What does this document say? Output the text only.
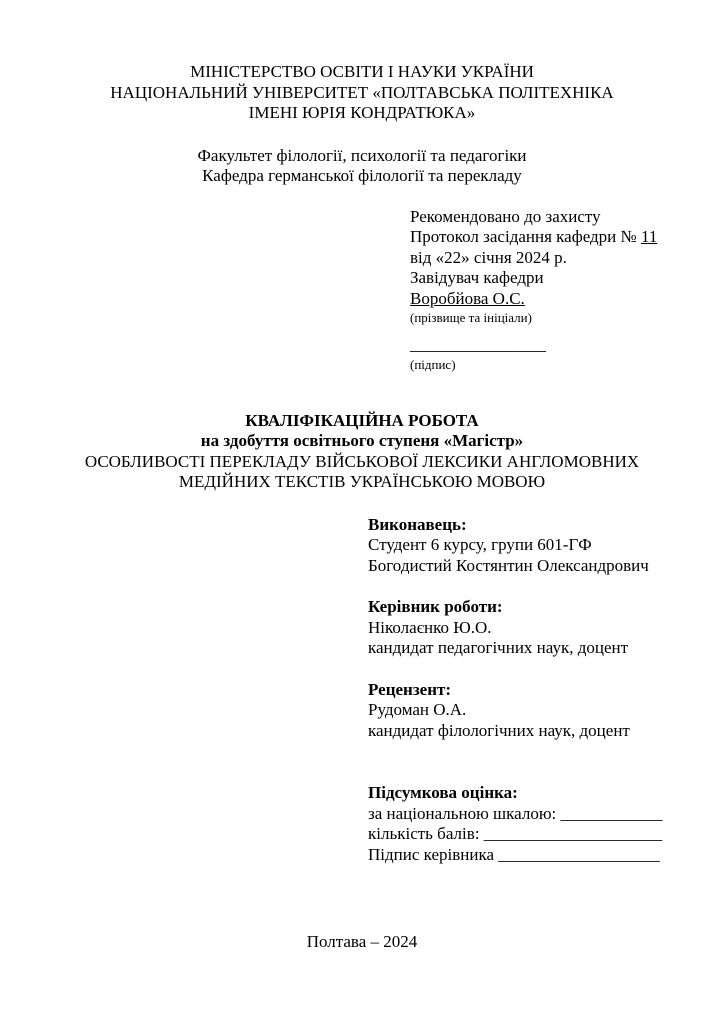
МІНІСТЕРСТВО ОСВІТИ І НАУКИ УКРАЇНИ
НАЦІОНАЛЬНИЙ УНІВЕРСИТЕТ «ПОЛТАВСЬКА ПОЛІТЕХНІКА
ІМЕНІ ЮРІЯ КОНДРАТЮКА»
Факультет філології, психології та педагогіки
Кафедра германської філології та перекладу
Рекомендовано до захисту
Протокол засідання кафедри № 11
від «22» січня 2024 р.
Завідувач кафедри
Воробйова О.С.
(прізвище та ініціали)
________________
(підпис)
КВАЛІФІКАЦІЙНА РОБОТА
на здобуття освітнього ступеня «Магістр»
ОСОБЛИВОСТІ ПЕРЕКЛАДУ ВІЙСЬКОВОЇ ЛЕКСИКИ АНГЛОМОВНИХ
МЕДІЙНИХ ТЕКСТІВ УКРАЇНСЬКОЮ МОВОЮ
Виконавець:
Студент 6 курсу, групи 601-ГФ
Богодистий Костянтин Олександрович
Керівник роботи:
Ніколаєнко Ю.О.
кандидат педагогічних наук, доцент
Рецензент:
Рудоман О.А.
кандидат філологічних наук, доцент
Підсумкова оцінка:
за національною шкалою: ____________
кількість балів: _____________________
Підпис керівника ___________________
Полтава – 2024
